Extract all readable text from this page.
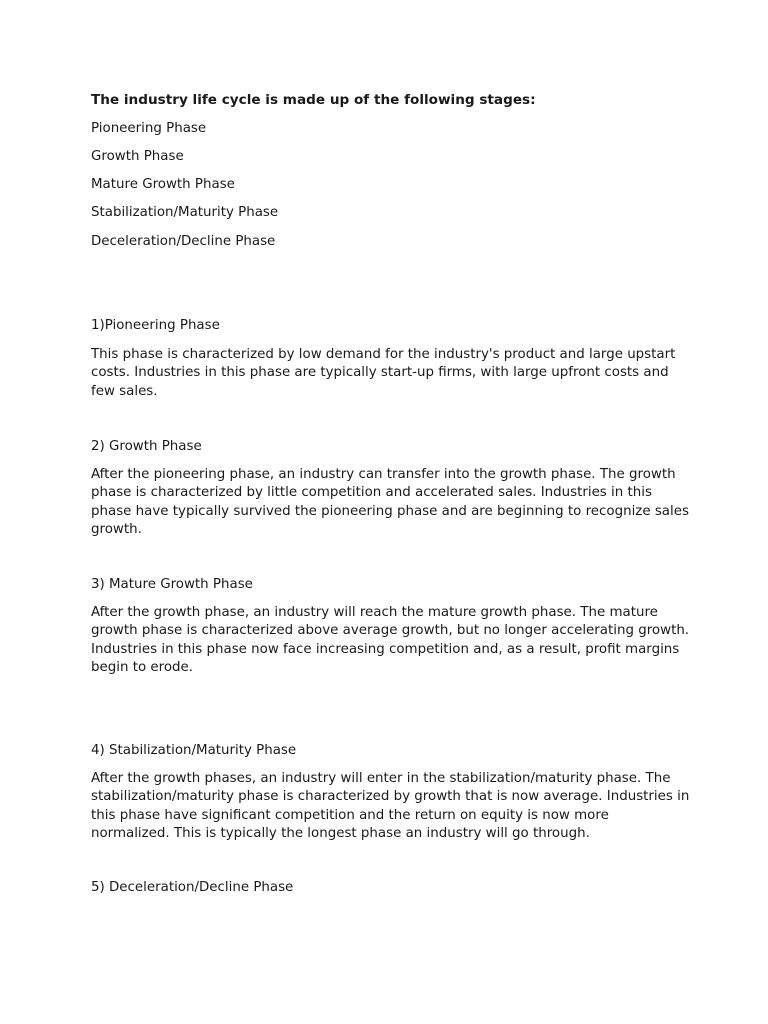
The industry life cycle is made up of the following stages:

Pioneering Phase

Growth Phase

Mature Growth Phase

Stabilization/Maturity Phase

Deceleration/Decline Phase

1)Pioneering Phase

This phase is characterized by low demand for the industry's product and large upstart costs. Industries in this phase are typically start-up firms, with large upfront costs and few sales.

2) Growth Phase

After the pioneering phase, an industry can transfer into the growth phase. The growth phase is characterized by little competition and accelerated sales. Industries in this phase have typically survived the pioneering phase and are beginning to recognize sales growth.

3) Mature Growth Phase

After the growth phase, an industry will reach the mature growth phase. The mature growth phase is characterized above average growth, but no longer accelerating growth. Industries in this phase now face increasing competition and, as a result, profit margins begin to erode.

4) Stabilization/Maturity Phase

After the growth phases, an industry will enter in the stabilization/maturity phase. The stabilization/maturity phase is characterized by growth that is now average. Industries in this phase have significant competition and the return on equity is now more normalized. This is typically the longest phase an industry will go through.

5) Deceleration/Decline Phase
